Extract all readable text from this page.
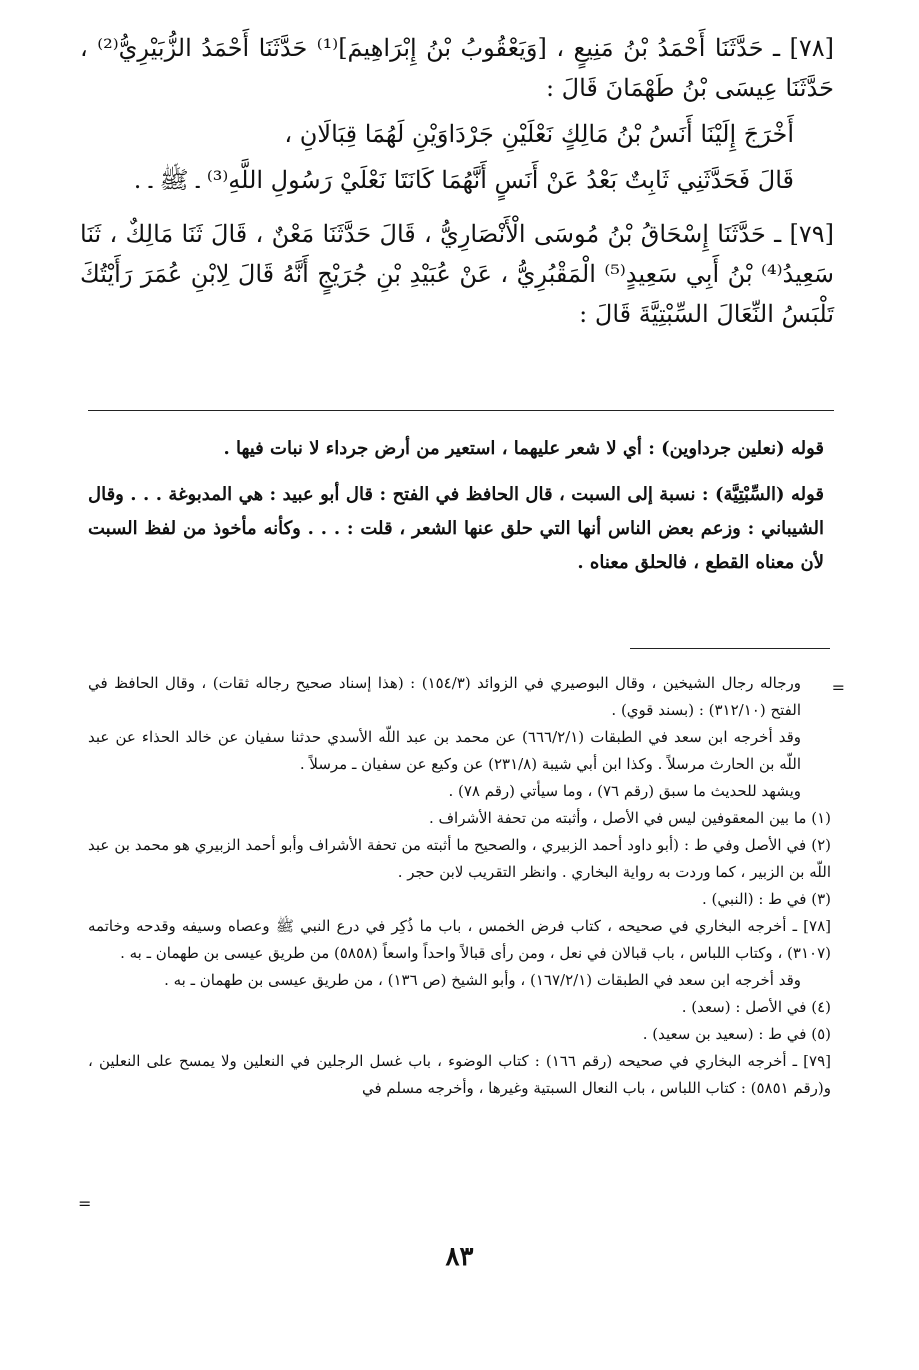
[٧٨] ـ حَدَّثَنَا أَحْمَدُ بْنُ مَنِيعٍ ، [وَيَعْقُوبُ بْنُ إِبْرَاهِيمَ]⁽¹⁾ حَدَّثَنَا أَحْمَدُ الزُّبَيْرِيُّ⁽²⁾ ، حَدَّثَنَا عِيسَى بْنُ طَهْمَانَ قَالَ :

أَخْرَجَ إِلَيْنَا أَنَسُ بْنُ مَالِكٍ نَعْلَيْنِ جَرْدَاوَيْنِ لَهُمَا قِبَالَانِ ،

قَالَ فَحَدَّثَنِي ثَابِتٌ بَعْدُ عَنْ أَنَسٍ أَنَّهُمَا كَانَتَا نَعْلَيْ رَسُولِ اللَّهِ⁽³⁾ ـ ﷺ ـ .

[٧٩] ـ حَدَّثَنَا إِسْحَاقُ بْنُ مُوسَى الْأَنْصَارِيُّ ، قَالَ حَدَّثَنَا مَعْنٌ ، قَالَ ثَنَا مَالِكٌ ، ثَنَا سَعِيدُ⁽⁴⁾ بْنُ أَبِي سَعِيدٍ⁽⁵⁾ الْمَقْبُرِيُّ ، عَنْ عُبَيْدِ بْنِ جُرَيْجٍ أَنَّهُ قَالَ لِابْنِ عُمَرَ رَأَيْتُكَ تَلْبَسُ النِّعَالَ السِّبْتِيَّةَ قَالَ :

قوله (نعلين جرداوين) : أي لا شعر عليهما ، استعير من أرض جرداء لا نبات فيها .

قوله (السِّبْتِيَّة) : نسبة إلى السبت ، قال الحافظ في الفتح : قال أبو عبيد : هي المدبوغة . . . وقال الشيباني : وزعم بعض الناس أنها التي حلق عنها الشعر ، قلت : . . . وكأنه مأخوذ من لفظ السبت لأن معناه القطع ، فالحلق معناه .

=

ورجاله رجال الشيخين ، وقال البوصيري في الزوائد (١٥٤/٣) : (هذا إسناد صحيح رجاله ثقات) ، وقال الحافظ في الفتح (٣١٢/١٠) : (بسند قوي) .

وقد أخرجه ابن سعد في الطبقات (٦٦٦/٢/١) عن محمد بن عبد اللّه الأسدي حدثنا سفيان عن خالد الحذاء عن عبد اللّه بن الحارث مرسلاً . وكذا ابن أبي شيبة (٢٣١/٨) عن وكيع عن سفيان ـ مرسلاً .

ويشهد للحديث ما سبق (رقم ٧٦) ، وما سيأتي (رقم ٧٨) .

(١) ما بين المعقوفين ليس في الأصل ، وأثبته من تحفة الأشراف .

(٢) في الأصل وفي ط : (أبو داود أحمد الزبيري ، والصحيح ما أثبته من تحفة الأشراف وأبو أحمد الزبيري هو محمد بن عبد اللّه بن الزبير ، كما وردت به رواية البخاري . وانظر التقريب لابن حجر .

(٣) في ط : (النبي) .

[٧٨] ـ أخرجه البخاري في صحيحه ، كتاب فرض الخمس ، باب ما ذُكِر في درع النبي ﷺ وعصاه وسيفه وقدحه وخاتمه (٣١٠٧) ، وكتاب اللباس ، باب قبالان في نعل ، ومن رأى قبالاً واحداً واسعاً (٥٨٥٨) من طريق عيسى بن طهمان ـ به .

وقد أخرجه ابن سعد في الطبقات (١٦٧/٢/١) ، وأبو الشيخ (ص ١٣٦) ، من طريق عيسى بن طهمان ـ به .

(٤) في الأصل : (سعد) .

(٥) في ط : (سعيد بن سعيد) .

[٧٩] ـ أخرجه البخاري في صحيحه (رقم ١٦٦) : كتاب الوضوء ، باب غسل الرجلين في النعلين ولا يمسح على النعلين ، و(رقم ٥٨٥١) : كتاب اللباس ، باب النعال السبتية وغيرها ، وأخرجه مسلم في

=
٨٣
